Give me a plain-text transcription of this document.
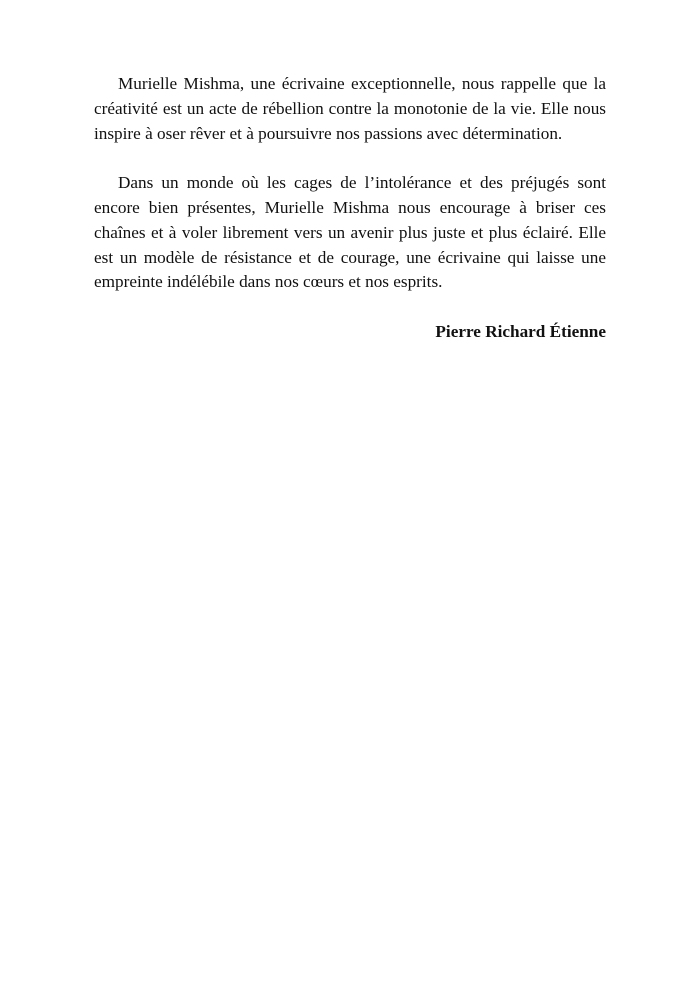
Murielle Mishma, une écrivaine exceptionnelle, nous rappelle que la créativité est un acte de rébellion contre la monotonie de la vie. Elle nous inspire à oser rêver et à poursuivre nos passions avec détermination.

Dans un monde où les cages de l’intolérance et des préjugés sont encore bien présentes, Murielle Mishma nous encourage à briser ces chaînes et à voler librement vers un avenir plus juste et plus éclairé. Elle est un modèle de résistance et de courage, une écrivaine qui laisse une empreinte indélébile dans nos cœurs et nos esprits.

Pierre Richard Étienne
